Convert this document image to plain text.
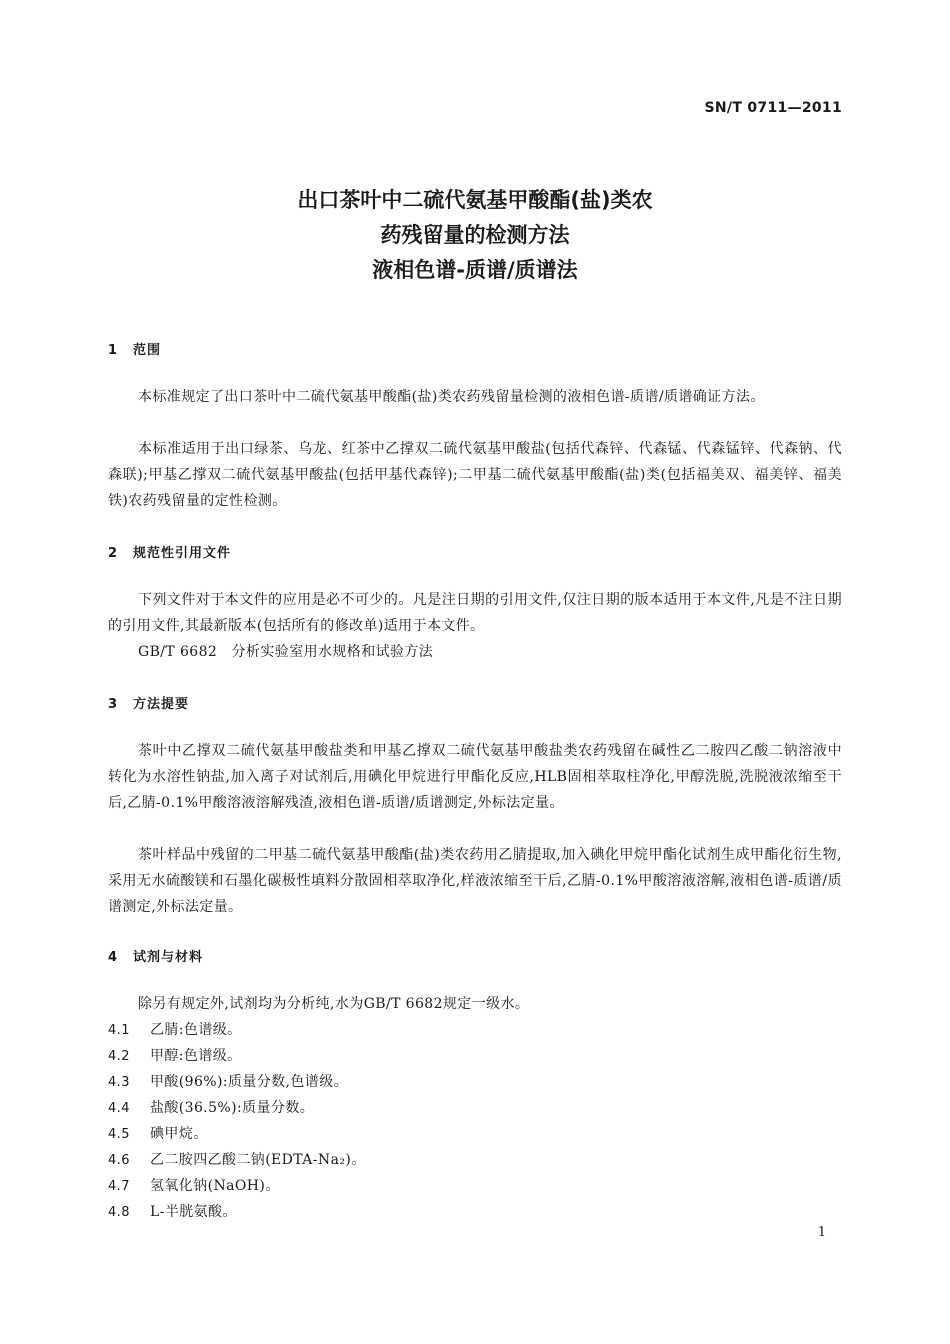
SN/T 0711—2011
出口茶叶中二硫代氨基甲酸酯(盐)类农
药残留量的检测方法
液相色谱-质谱/质谱法
1 范围
本标准规定了出口茶叶中二硫代氨基甲酸酯(盐)类农药残留量检测的液相色谱-质谱/质谱确证方法。
本标准适用于出口绿茶、乌龙、红茶中乙撑双二硫代氨基甲酸盐(包括代森锌、代森锰、代森锰锌、代森钠、代森联);甲基乙撑双二硫代氨基甲酸盐(包括甲基代森锌);二甲基二硫代氨基甲酸酯(盐)类(包括福美双、福美锌、福美铁)农药残留量的定性检测。
2 规范性引用文件
下列文件对于本文件的应用是必不可少的。凡是注日期的引用文件,仅注日期的版本适用于本文件,凡是不注日期的引用文件,其最新版本(包括所有的修改单)适用于本文件。
GB/T 6682　分析实验室用水规格和试验方法
3 方法提要
茶叶中乙撑双二硫代氨基甲酸盐类和甲基乙撑双二硫代氨基甲酸盐类农药残留在碱性乙二胺四乙酸二钠溶液中转化为水溶性钠盐,加入离子对试剂后,用碘化甲烷进行甲酯化反应,HLB固相萃取柱净化,甲醇洗脱,洗脱液浓缩至干后,乙腈-0.1%甲酸溶液溶解残渣,液相色谱-质谱/质谱测定,外标法定量。
茶叶样品中残留的二甲基二硫代氨基甲酸酯(盐)类农药用乙腈提取,加入碘化甲烷甲酯化试剂生成甲酯化衍生物,采用无水硫酸镁和石墨化碳极性填料分散固相萃取净化,样液浓缩至干后,乙腈-0.1%甲酸溶液溶解,液相色谱-质谱/质谱测定,外标法定量。
4 试剂与材料
除另有规定外,试剂均为分析纯,水为GB/T 6682规定一级水。
4.1 乙腈:色谱级。
4.2 甲醇:色谱级。
4.3 甲酸(96%):质量分数,色谱级。
4.4 盐酸(36.5%):质量分数。
4.5 碘甲烷。
4.6 乙二胺四乙酸二钠(EDTA-Na₂)。
4.7 氢氧化钠(NaOH)。
4.8 L-半胱氨酸。
1
